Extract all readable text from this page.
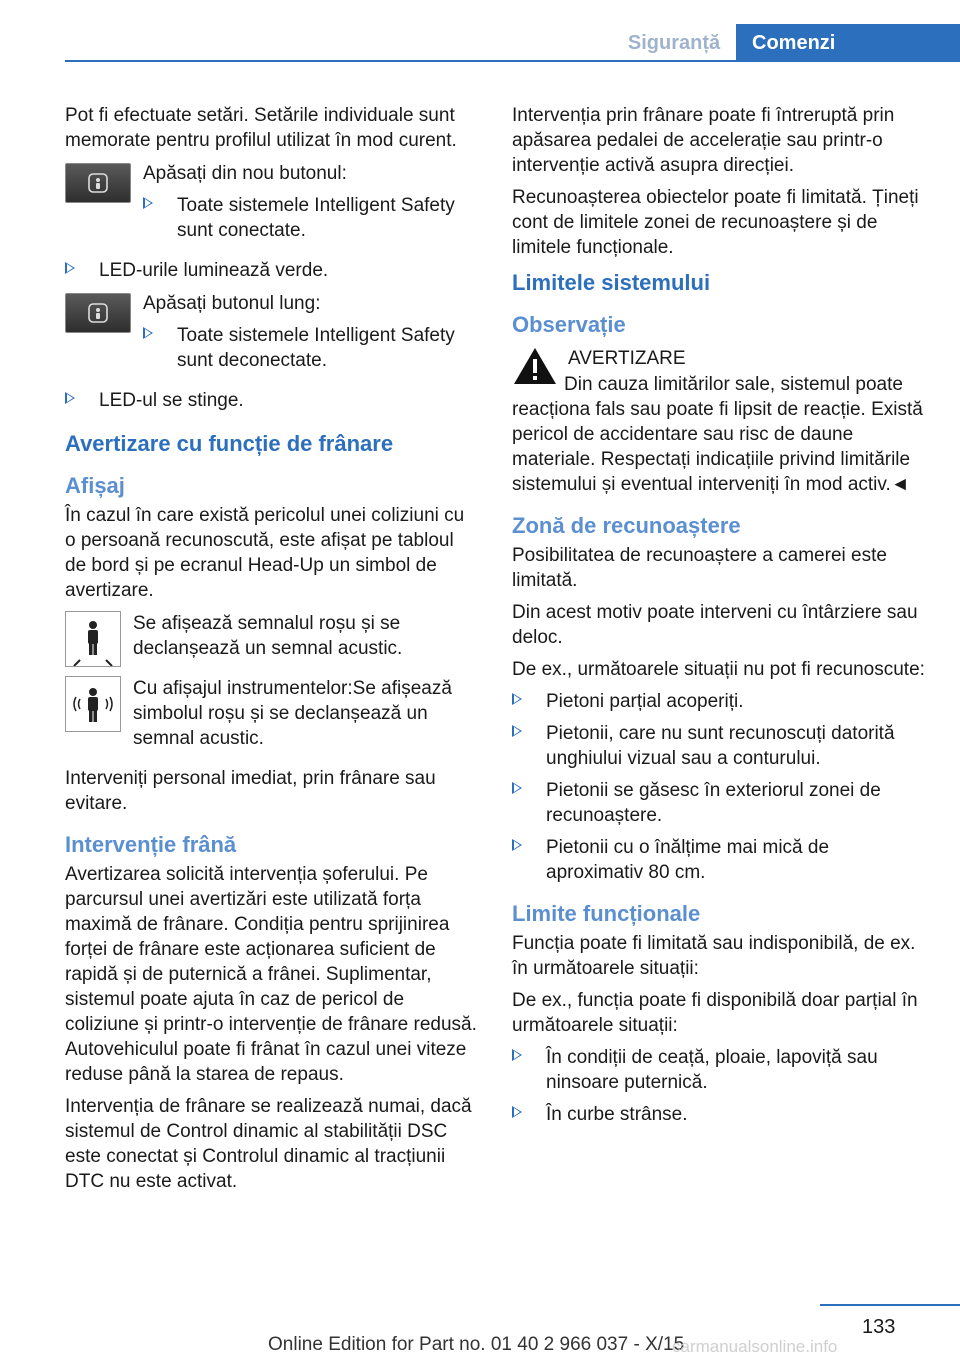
Siguranță	Comenzi

Pot fi efectuate setări. Setările individuale sunt memorate pentru profilul utilizat în mod curent.

Apăsați din nou butonul:

Toate sistemele Intelligent Safety sunt conectate.
LED-urile luminează verde.

Apăsați butonul lung:

Toate sistemele Intelligent Safety sunt deconectate.
LED-ul se stinge.
Avertizare cu funcție de frânare
Afișaj

În cazul în care există pericolul unei coliziuni cu o persoană recunoscută, este afișat pe tabloul de bord și pe ecranul Head-Up un simbol de avertizare.

Se afișează semnalul roșu și se declanșează un semnal acustic.

Cu afișajul instrumentelor:Se afișează simbolul roșu și se declanșează un semnal acustic.

Interveniți personal imediat, prin frânare sau evitare.

Intervenție frână

Avertizarea solicită intervenția șoferului. Pe parcursul unei avertizări este utilizată forța maximă de frânare. Condiția pentru sprijinirea forței de frânare este acționarea suficient de rapidă și de puternică a frânei. Suplimentar, sistemul poate ajuta în caz de pericol de coliziune și printr-o intervenție de frânare redusă. Autovehiculul poate fi frânat în cazul unei viteze reduse până la starea de repaus.

Intervenția de frânare se realizează numai, dacă sistemul de Control dinamic al stabilității DSC este conectat și Controlul dinamic al tracțiunii DTC nu este activat.

Intervenția prin frânare poate fi întreruptă prin apăsarea pedalei de accelerație sau printr-o intervenție activă asupra direcției.

Recunoașterea obiectelor poate fi limitată. Țineți cont de limitele zonei de recunoaștere și de limitele funcționale.

Limitele sistemului
Observație

AVERTIZARE

Din cauza limitărilor sale, sistemul poate reacționa fals sau poate fi lipsit de reacție. Există pericol de accidentare sau risc de daune materiale. Respectați indicațiile privind limitările sistemului și eventual interveniți în mod activ.◄

Zonă de recunoaștere

Posibilitatea de recunoaștere a camerei este limitată.

Din acest motiv poate interveni cu întârziere sau deloc.

De ex., următoarele situații nu pot fi recunoscute:

Pietoni parțial acoperiți.
Pietonii, care nu sunt recunoscuți datorită unghiului vizual sau a conturului.
Pietonii se găsesc în exteriorul zonei de recunoaștere.
Pietonii cu o înălțime mai mică de aproximativ 80 cm.
Limite funcționale

Funcția poate fi limitată sau indisponibilă, de ex. în următoarele situații:

De ex., funcția poate fi disponibilă doar parțial în următoarele situații:

În condiții de ceață, ploaie, lapoviță sau ninsoare puternică.
În curbe strânse.
133
Online Edition for Part no. 01 40 2 966 037 - X/15
carmanualsonline.info
